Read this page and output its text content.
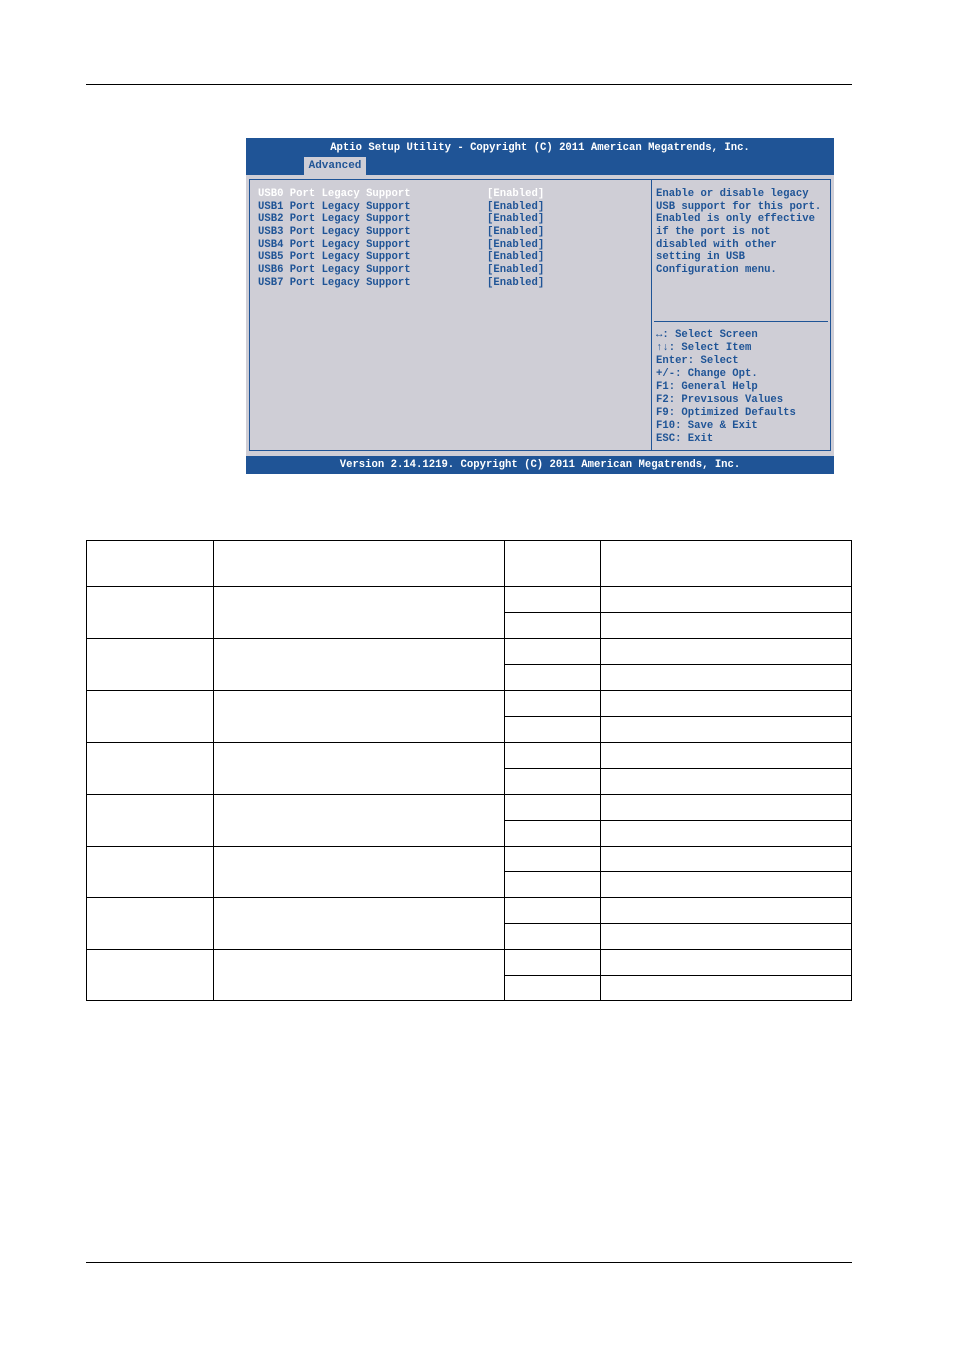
Aptio Setup Utility - Copyright (C) 2011 American Megatrends, Inc.
Advanced

USB0 Port Legacy Support

	[Enabled]

USB1 Port Legacy Support

	[Enabled]

USB2 Port Legacy Support

	[Enabled]

USB3 Port Legacy Support

	[Enabled]

USB4 Port Legacy Support

	[Enabled]

USB5 Port Legacy Support

	[Enabled]

USB6 Port Legacy Support

	[Enabled]

USB7 Port Legacy Support

	[Enabled]

Enable or disable legacy
USB support for this port.
Enabled is only effective
if the port is not
disabled with other
setting in USB
Configuration menu.
↔: Select Screen
↑↓: Select Item
Enter: Select
+/-: Change Opt.
F1: General Help
F2: Prevısous Values
F9: Optimized Defaults
F10: Save & Exit
ESC: Exit
Version 2.14.1219. Copyright (C) 2011 American Megatrends, Inc.
